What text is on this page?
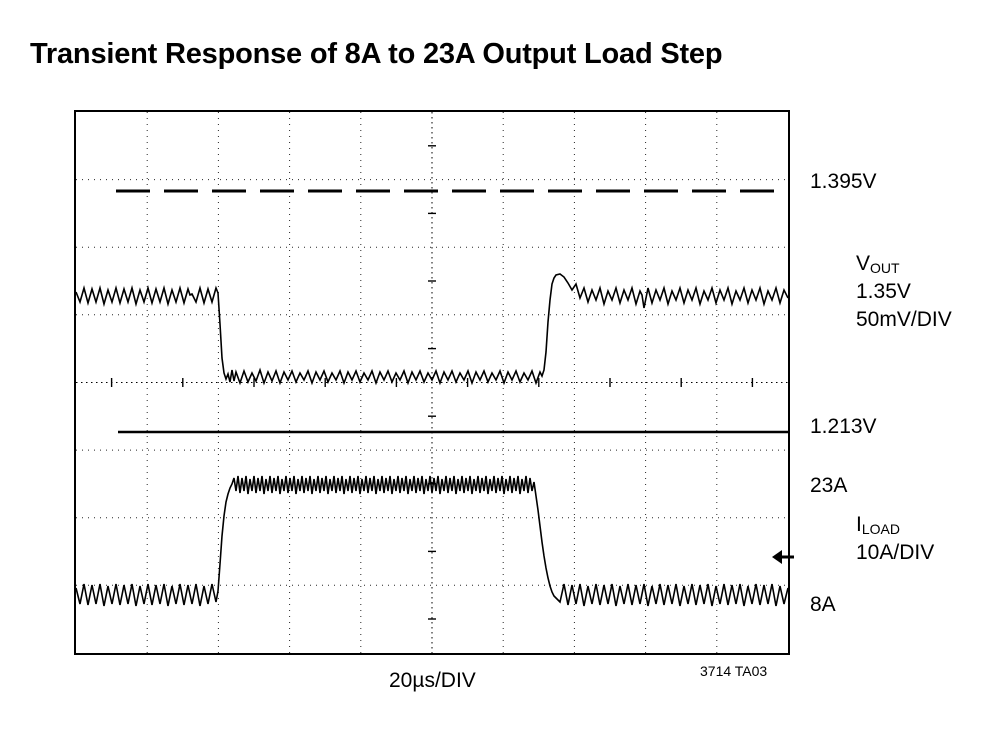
Transient Response of 8A to 23A Output Load Step
1.395V
$V_{OUT}$
1.35V
50mV/DIV
1.213V
23A
$I_{LOAD}$
10A/DIV
8A
20µs/DIV	3714 TA03
